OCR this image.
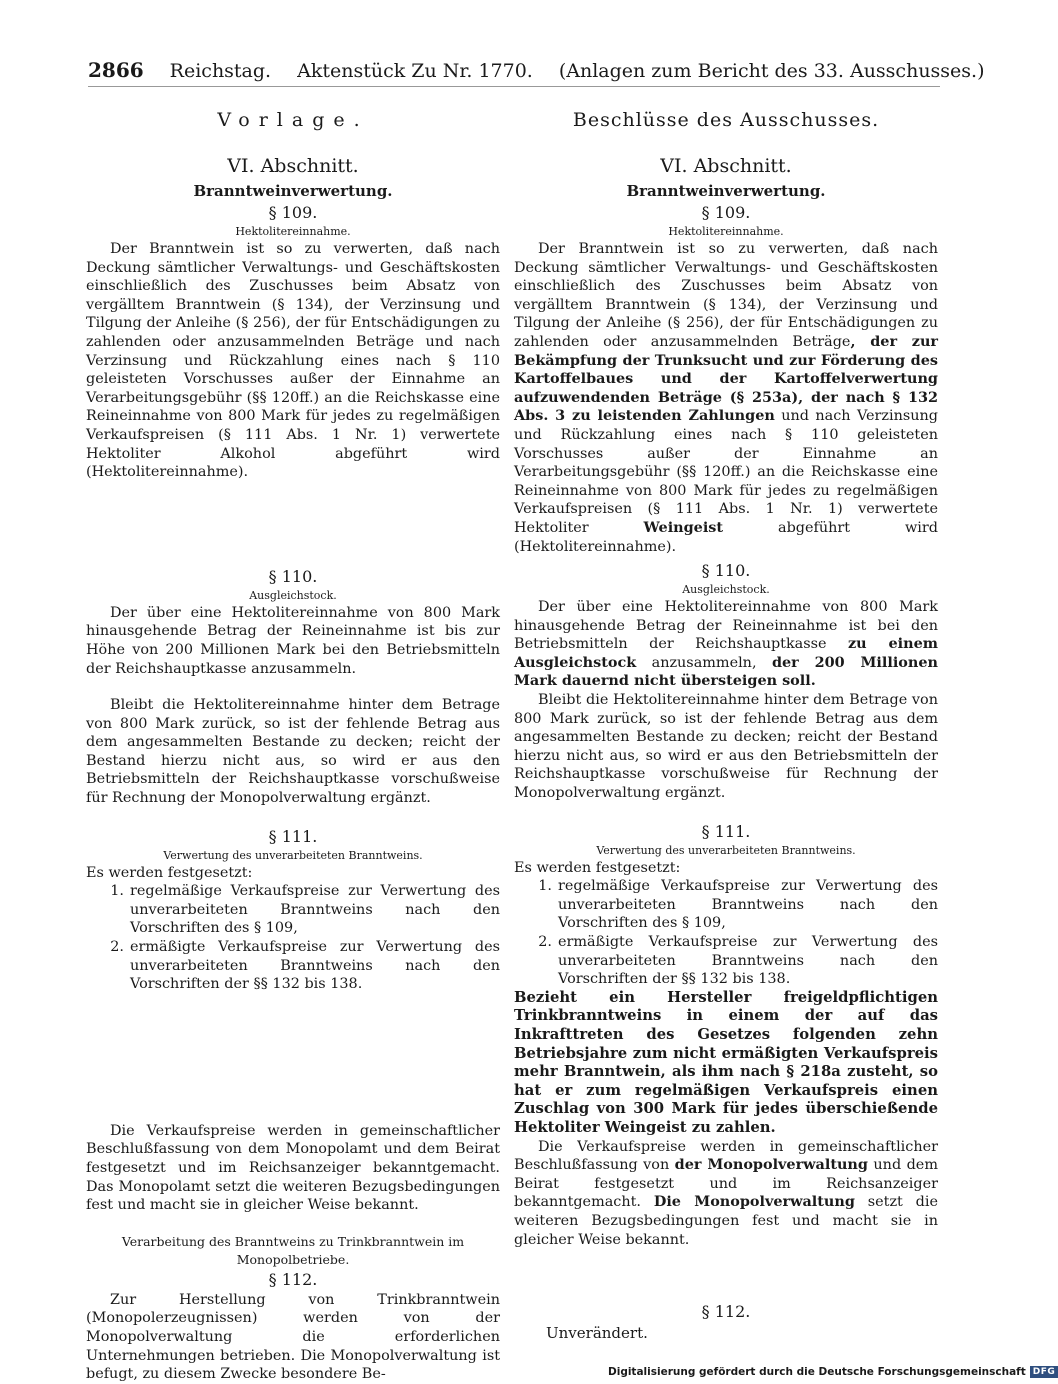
2866 Reichstag. Aktenstück Zu Nr. 1770. (Anlagen zum Bericht des 33. Ausschusses.)
Vorlage.
VI. Abschnitt.
Branntweinverwertung.
§ 109.
Hektolitereinnahme.

Der Branntwein ist so zu verwerten, daß nach Deckung sämtlicher Verwaltungs- und Geschäftskosten einschließlich des Zuschusses beim Absatz von vergälltem Branntwein (§ 134), der Verzinsung und Tilgung der Anleihe (§ 256), der für Entschädigungen zu zahlenden oder anzusammelnden Beträge und nach Verzinsung und Rückzahlung eines nach § 110 geleisteten Vorschusses außer der Einnahme an Verarbeitungsgebühr (§§ 120ff.) an die Reichskasse eine Reineinnahme von 800 Mark für jedes zu regelmäßigen Verkaufspreisen (§ 111 Abs. 1 Nr. 1) verwertete Hektoliter Alkohol abgeführt wird (Hektolitereinnahme).

§ 110.
Ausgleichstock.

Der über eine Hektolitereinnahme von 800 Mark hinausgehende Betrag der Reineinnahme ist bis zur Höhe von 200 Millionen Mark bei den Betriebsmitteln der Reichshauptkasse anzusammeln.

Bleibt die Hektolitereinnahme hinter dem Betrage von 800 Mark zurück, so ist der fehlende Betrag aus dem angesammelten Bestande zu decken; reicht der Bestand hierzu nicht aus, so wird er aus den Betriebsmitteln der Reichshauptkasse vorschußweise für Rechnung der Monopolverwaltung ergänzt.

§ 111.
Verwertung des unverarbeiteten Branntweins.

Es werden festgesetzt:

1. regelmäßige Verkaufspreise zur Verwertung des unverarbeiteten Branntweins nach den Vorschriften des § 109,
2. ermäßigte Verkaufspreise zur Verwertung des unverarbeiteten Branntweins nach den Vorschriften der §§ 132 bis 138.

Die Verkaufspreise werden in gemeinschaftlicher Beschlußfassung von dem Monopolamt und dem Beirat festgesetzt und im Reichsanzeiger bekanntgemacht. Das Monopolamt setzt die weiteren Bezugsbedingungen fest und macht sie in gleicher Weise bekannt.

Verarbeitung des Branntweins zu Trinkbranntwein im Monopolbetriebe.
§ 112.

Zur Herstellung von Trinkbranntwein (Monopolerzeugnissen) werden von der Monopolverwaltung die erforderlichen Unternehmungen betrieben. Die Monopolverwaltung ist befugt, zu diesem Zwecke besondere Be-

Beschlüsse des Ausschusses.
VI. Abschnitt.
Branntweinverwertung.
§ 109.
Hektolitereinnahme.

Der Branntwein ist so zu verwerten, daß nach Deckung sämtlicher Verwaltungs- und Geschäftskosten einschließlich des Zuschusses beim Absatz von vergälltem Branntwein (§ 134), der Verzinsung und Tilgung der Anleihe (§ 256), der für Entschädigungen zu zahlenden oder anzusammelnden Beträge, der zur Bekämpfung der Trunksucht und zur Förderung des Kartoffelbaues und der Kartoffelverwertung aufzuwendenden Beträge (§ 253a), der nach § 132 Abs. 3 zu leistenden Zahlungen und nach Verzinsung und Rückzahlung eines nach § 110 geleisteten Vorschusses außer der Einnahme an Verarbeitungsgebühr (§§ 120ff.) an die Reichskasse eine Reineinnahme von 800 Mark für jedes zu regelmäßigen Verkaufspreisen (§ 111 Abs. 1 Nr. 1) verwertete Hektoliter Weingeist abgeführt wird (Hektolitereinnahme).

§ 110.
Ausgleichstock.

Der über eine Hektolitereinnahme von 800 Mark hinausgehende Betrag der Reineinnahme ist bei den Betriebsmitteln der Reichshauptkasse zu einem Ausgleichstock anzusammeln, der 200 Millionen Mark dauernd nicht übersteigen soll.

Bleibt die Hektolitereinnahme hinter dem Betrage von 800 Mark zurück, so ist der fehlende Betrag aus dem angesammelten Bestande zu decken; reicht der Bestand hierzu nicht aus, so wird er aus den Betriebsmitteln der Reichshauptkasse vorschußweise für Rechnung der Monopolverwaltung ergänzt.

§ 111.
Verwertung des unverarbeiteten Branntweins.

Es werden festgesetzt:

1. regelmäßige Verkaufspreise zur Verwertung des unverarbeiteten Branntweins nach den Vorschriften des § 109,
2. ermäßigte Verkaufspreise zur Verwertung des unverarbeiteten Branntweins nach den Vorschriften der §§ 132 bis 138.

Bezieht ein Hersteller freigeldpflichtigen Trinkbranntweins in einem der auf das Inkrafttreten des Gesetzes folgenden zehn Betriebsjahre zum nicht ermäßigten Verkaufspreis mehr Branntwein, als ihm nach § 218a zusteht, so hat er zum regelmäßigen Verkaufspreis einen Zuschlag von 300 Mark für jedes überschießende Hektoliter Weingeist zu zahlen.

Die Verkaufspreise werden in gemeinschaftlicher Beschlußfassung von der Monopolverwaltung und dem Beirat festgesetzt und im Reichsanzeiger bekanntgemacht. Die Monopolverwaltung setzt die weiteren Bezugsbedingungen fest und macht sie in gleicher Weise bekannt.

§ 112.
Unverändert.
Digitalisierung gefördert durch die Deutsche Forschungsgemeinschaft DFG
